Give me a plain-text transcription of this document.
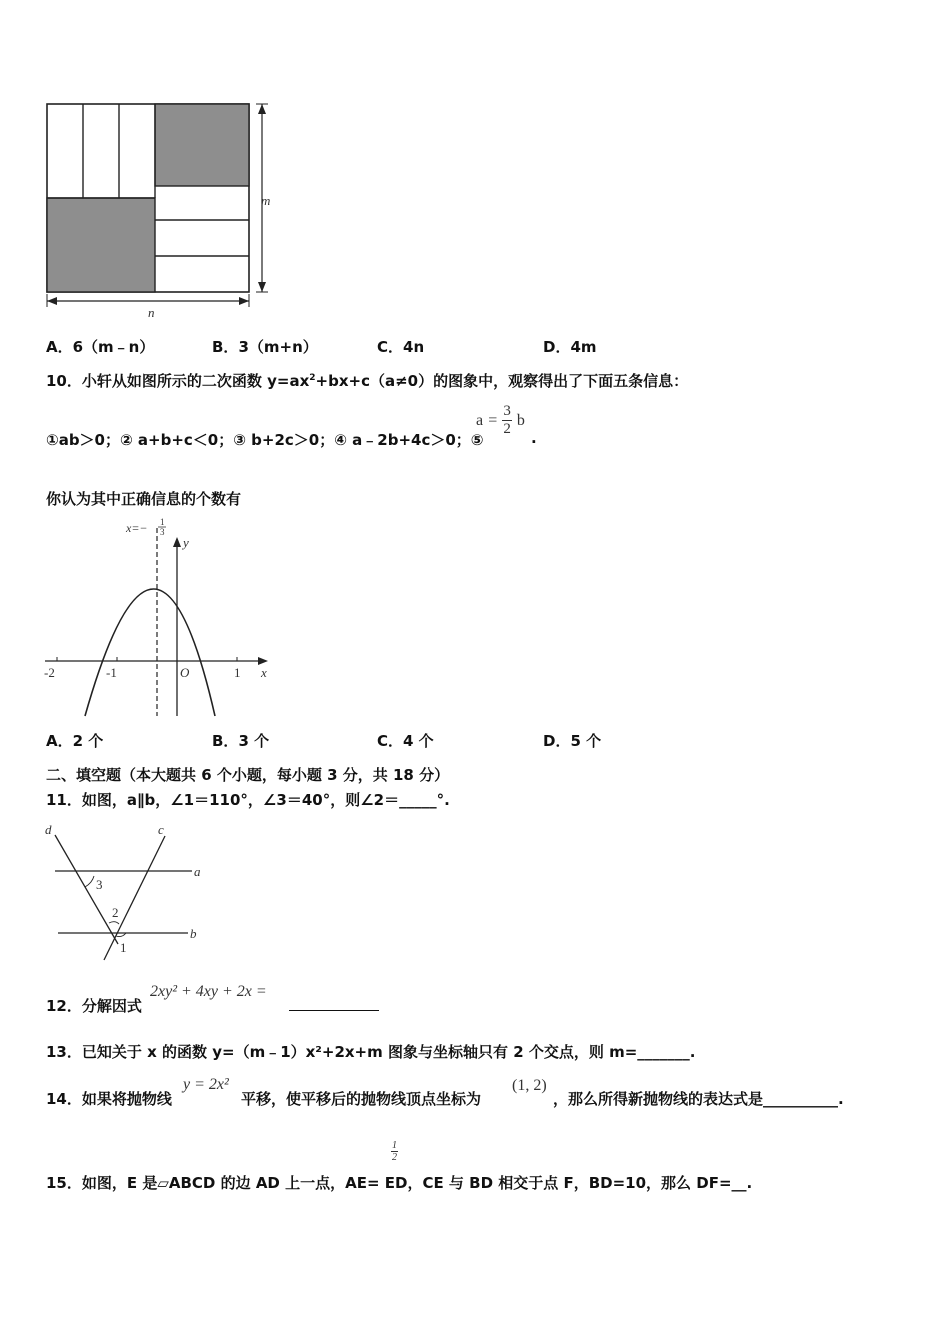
m
n
A．6（m﹣n）	B．3（m+n）	C．4n	D．4m
10．小轩从如图所示的二次函数 $y=ax^2+bx+c(a\ne 0)$的图象中，观察得出了下面五条信息：
①ab＞0；② a+b+c＜0；③ b+2c＞0；④ a﹣2b+4c＞0；⑤
$a = \frac{3}{2}$ b
.
你认为其中正确信息的个数有
-2	-1	O	1 x
y
x=− 1
3
A．2 个	B．3 个	C．4 个	D．5 个
二、填空题（本大题共 6 个小题，每小题 3 分，共 18 分）
11．如图，a∥b，∠1＝110°，∠3＝40°，则∠2＝_____°.
d	c
a
b
3
2
1
12．分解因式
2xy² + 4xy + 2x =
13．已知关于 x 的函数 y=（m﹣1）x²+2x+m 图象与坐标轴只有 2 个交点，则 m=_______.
14．如果将抛物线
y = 2x²
平移，使平移后的抛物线顶点坐标为
(1, 2)
，那么所得新抛物线的表达式是__________.
$\frac{1}{2}$
15．如图，E 是▱ABCD 的边 AD 上一点，AE= ED，CE 与 BD 相交于点 F，BD=10，那么 DF=__.
